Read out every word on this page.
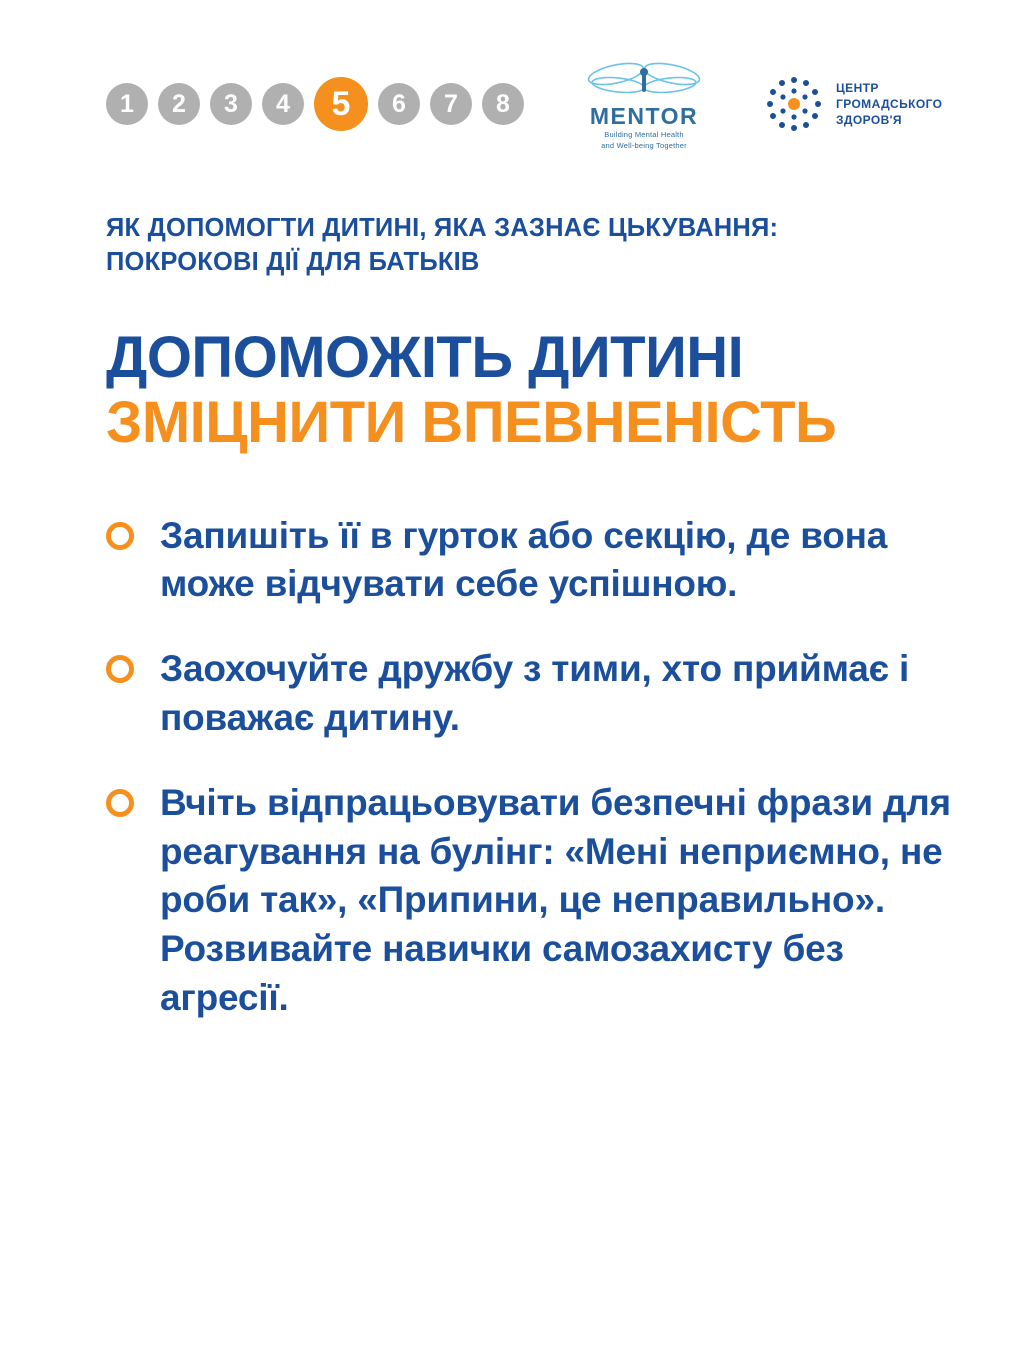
1	2	3	4	5	6	7	8	MENTOR
Building Mental Health
and Well-being Together
ЦЕНТР
ГРОМАДСЬКОГО
ЗДОРОВ'Я
ЯК ДОПОМОГТИ ДИТИНІ, ЯКА ЗАЗНАЄ ЦЬКУВАННЯ:
ПОКРОКОВІ ДІЇ ДЛЯ БАТЬКІВ
ДОПОМОЖІТЬ ДИТИНІ
ЗМІЦНИТИ ВПЕВНЕНІСТЬ
Запишіть її в гурток або секцію, де вона може відчувати себе успішною.
Заохочуйте дружбу з тими, хто приймає і поважає дитину.
Вчіть відпрацьовувати безпечні фрази для реагування на булінг: «Мені неприємно, не роби так», «Припини, це неправильно». Розвивайте навички самозахисту без агресії.
